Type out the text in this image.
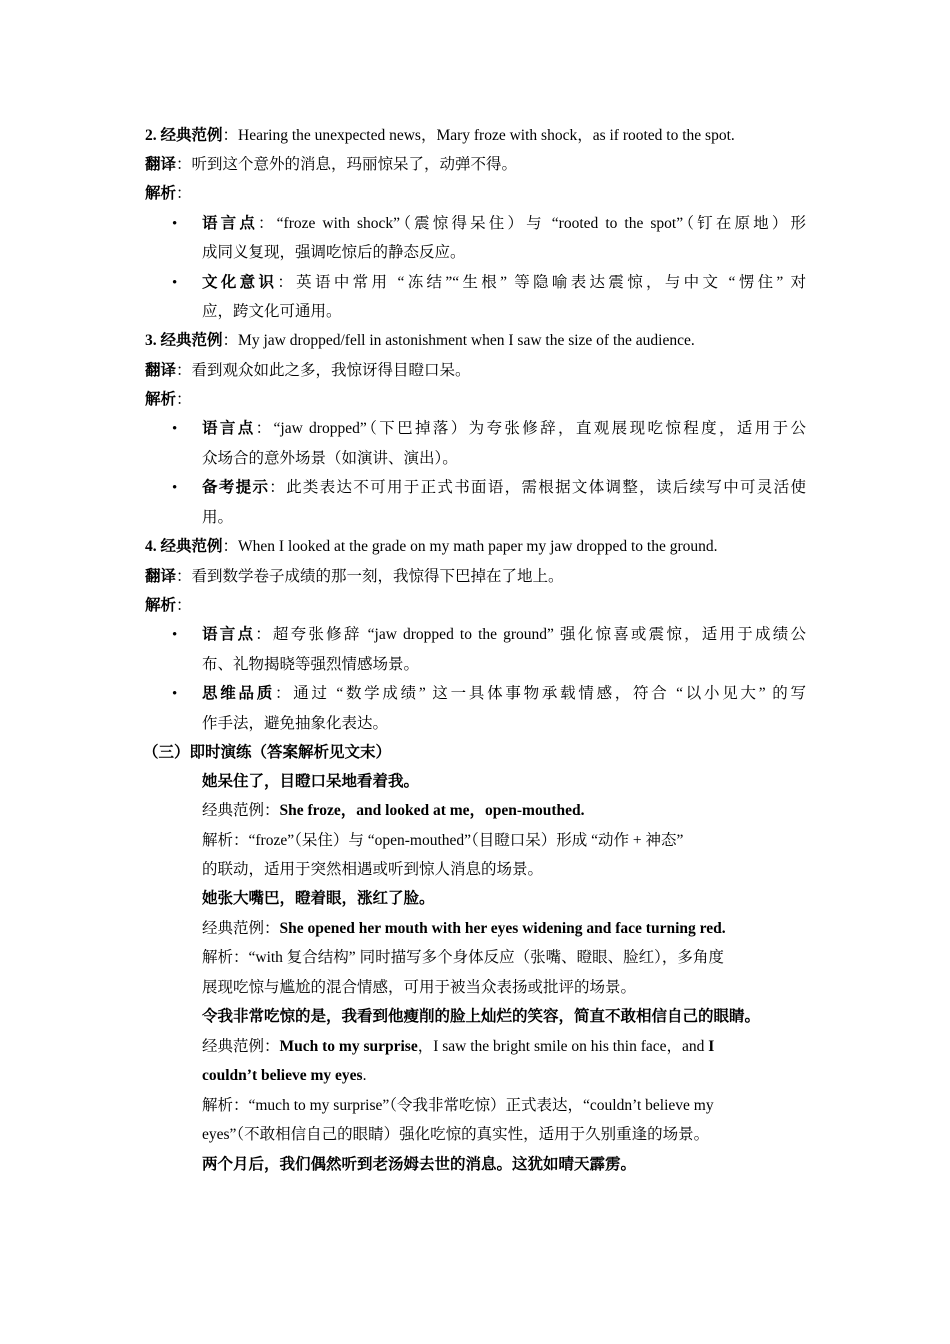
2. 经典范例：Hearing the unexpected news，Mary froze with shock，as if rooted to the spot.
翻译：听到这个意外的消息，玛丽惊呆了，动弹不得。
解析：
• 语言点：“froze with shock”（震惊得呆住）与 “rooted to the spot”（钉在原地）形
成同义复现，强调吃惊后的静态反应。
• 文化意识：英语中常用 “冻结”“生根” 等隐喻表达震惊，与中文 “愣住” 对
应，跨文化可通用。
3. 经典范例：My jaw dropped/fell in astonishment when I saw the size of the audience.
翻译：看到观众如此之多，我惊讶得目瞪口呆。
解析：
• 语言点：“jaw dropped”（下巴掉落）为夸张修辞，直观展现吃惊程度，适用于公
众场合的意外场景（如演讲、演出）。
• 备考提示：此类表达不可用于正式书面语，需根据文体调整，读后续写中可灵活使
用。
4. 经典范例：When I looked at the grade on my math paper my jaw dropped to the ground.
翻译：看到数学卷子成绩的那一刻，我惊得下巴掉在了地上。
解析：
• 语言点：超夸张修辞 “jaw dropped to the ground” 强化惊喜或震惊，适用于成绩公
布、礼物揭晓等强烈情感场景。
• 思维品质：通过 “数学成绩” 这一具体事物承载情感，符合 “以小见大” 的写
作手法，避免抽象化表达。
（三）即时演练（答案解析见文末）
她呆住了，目瞪口呆地看着我。
经典范例：She froze，and looked at me，open-mouthed.
解析：“froze”（呆住）与 “open-mouthed”（目瞪口呆）形成 “动作 + 神态”
的联动，适用于突然相遇或听到惊人消息的场景。
她张大嘴巴，瞪着眼，涨红了脸。
经典范例：She opened her mouth with her eyes widening and face turning red.
解析：“with 复合结构” 同时描写多个身体反应（张嘴、瞪眼、脸红），多角度
展现吃惊与尴尬的混合情感，可用于被当众表扬或批评的场景。
令我非常吃惊的是，我看到他瘦削的脸上灿烂的笑容，简直不敢相信自己的眼睛。
经典范例：Much to my surprise，I saw the bright smile on his thin face，and I
couldn’t believe my eyes.
解析：“much to my surprise”（令我非常吃惊）正式表达，“couldn’t believe my
eyes”（不敢相信自己的眼睛）强化吃惊的真实性，适用于久别重逢的场景。
两个月后，我们偶然听到老汤姆去世的消息。这犹如晴天霹雳。
